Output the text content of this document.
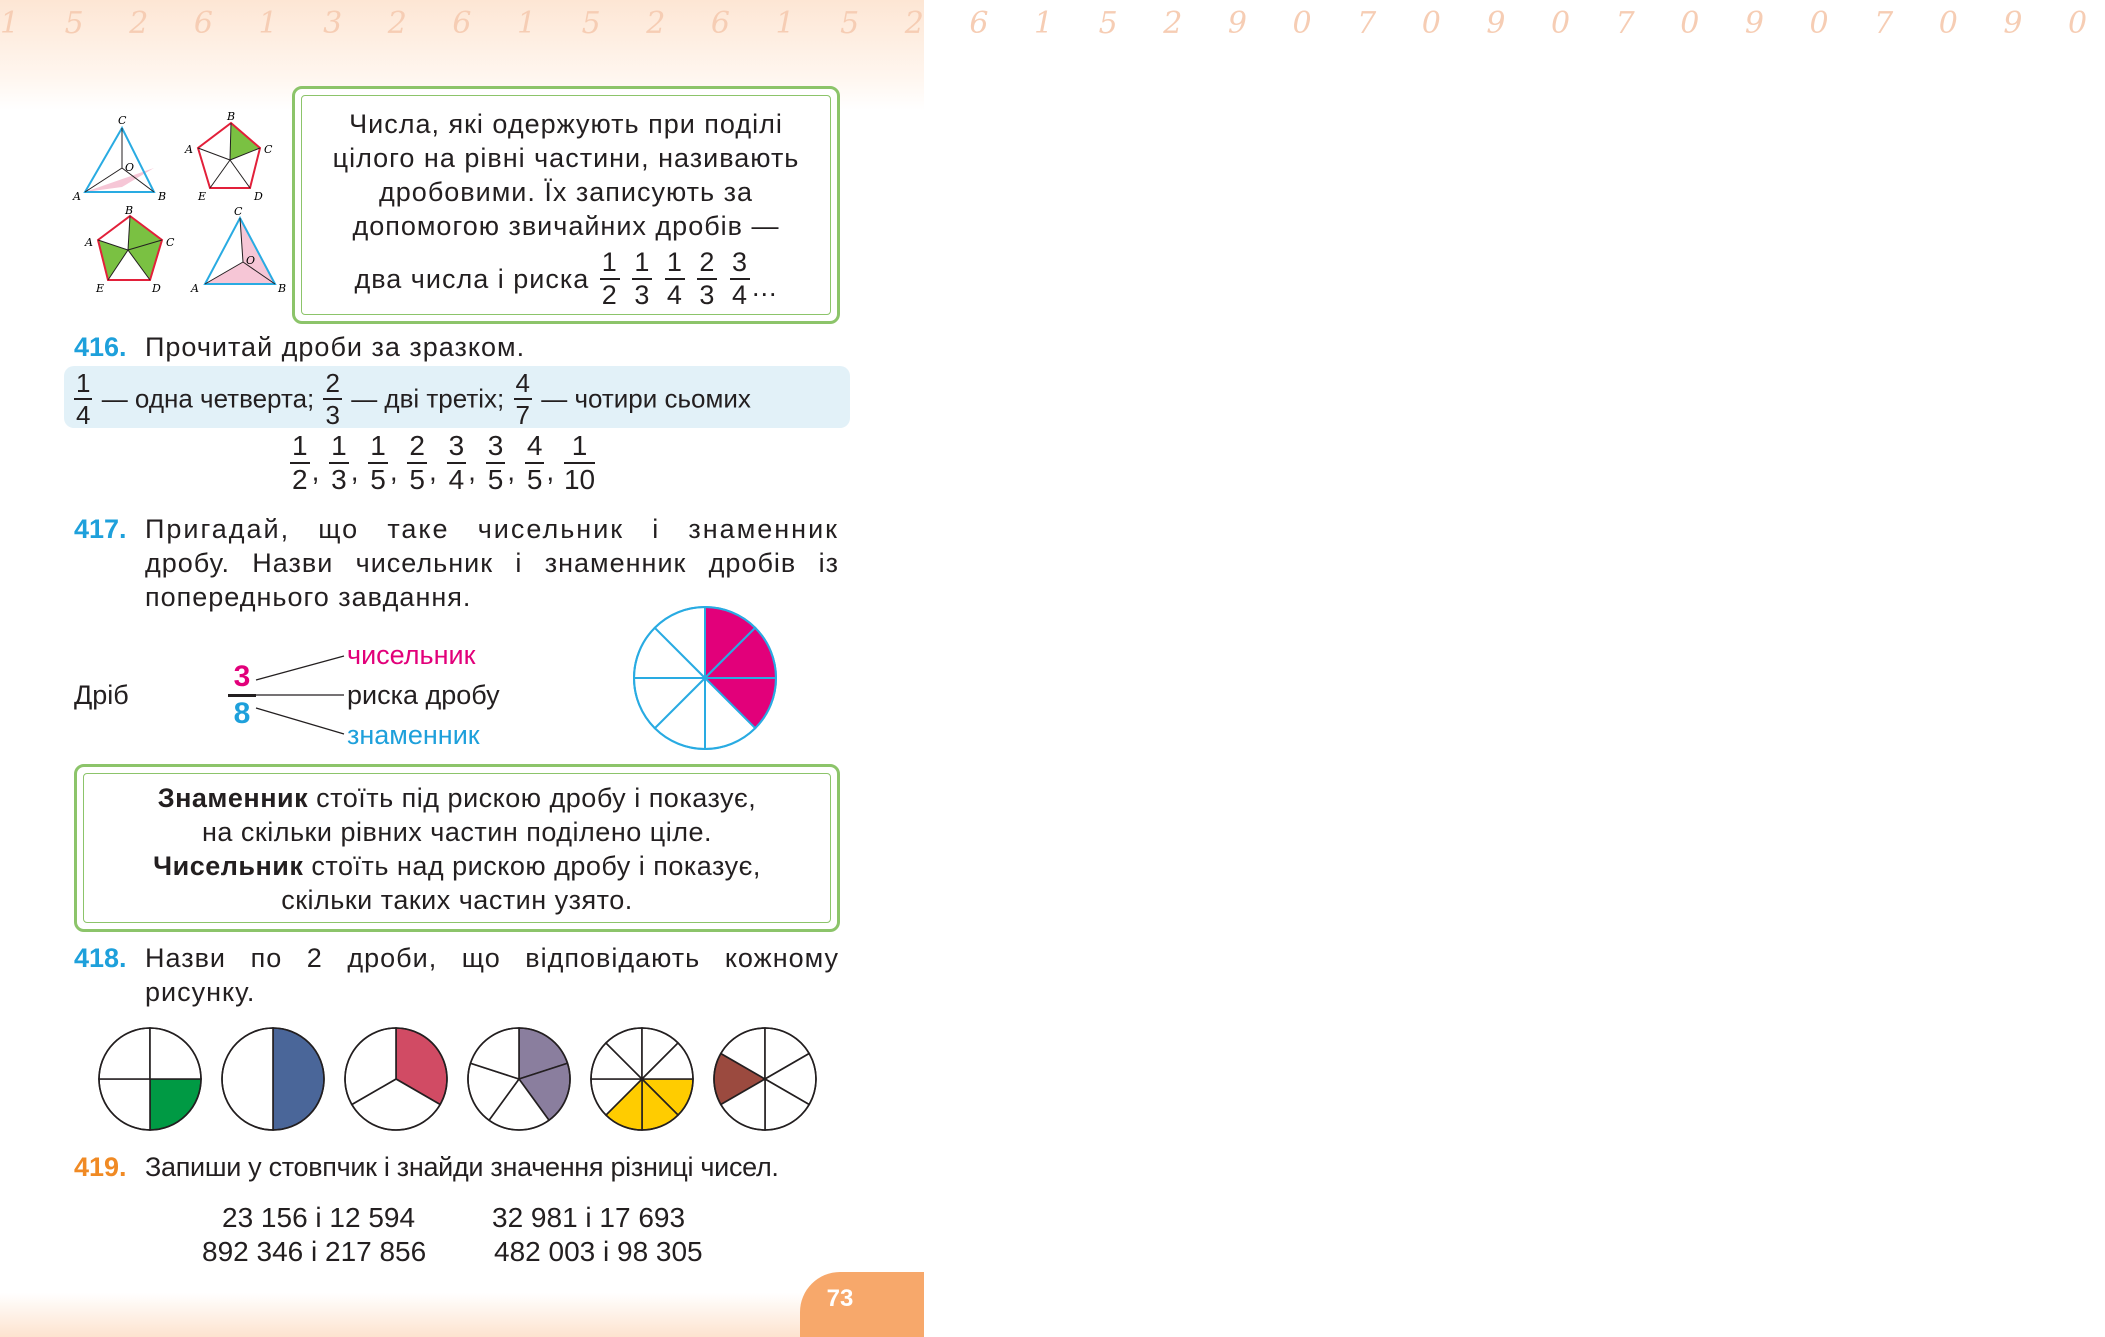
1 5 2 6 1 3 2 6 1 5 2 6 1 5 2 6 1 5 2 9 0 7 0 9 0 7 0 9 0 7 0 9 0
C
O
A	B
B
C
D
E
A
B
C
D
E
A
C
O
A	B
Числа, які одержують при поділі
цілого на рівні частини, називають
дробовими. Їх записують за
допомогою звичайних дробів —
два числа і риска $\frac{1}{2}$
$\frac{1}{3}$
$\frac{1}{4}$
$\frac{2}{3}$
$\frac{3}{4}$ ...
416. Прочитай дроби за зразком.
$\frac{1}{4}$ — одна четверта; $\frac{2}{3}$ — дві третіх; $\frac{4}{7}$ — чотири сьомих
$\frac{1}{2}$ , $\frac{1}{3}$ , $\frac{1}{5}$ , $\frac{2}{5}$ , $\frac{3}{4}$ , $\frac{3}{5}$ , $\frac{4}{5}$ , $\frac{1}{10}$
417. Пригадай, що таке чисельник і знаменник
дробу. Назви чисельник і знаменник дробів із
попереднього завдання.
Дріб	$\frac{3}{8}$
чисельник
риска дробу
знаменник
Знаменник стоїть під рискою дробу і показує,
на скільки рівних частин поділено ціле.
Чисельник стоїть над рискою дробу і показує,
скільки таких частин узято.
418. Назви по 2 дроби, що відповідають кожному
рисунку.
419. Запиши у стовпчик і знайди значення різниці чисел.
23 156 і 12 594	32 981 і 17 693
892 346 і 217 856 482 003 і 98 305
73
